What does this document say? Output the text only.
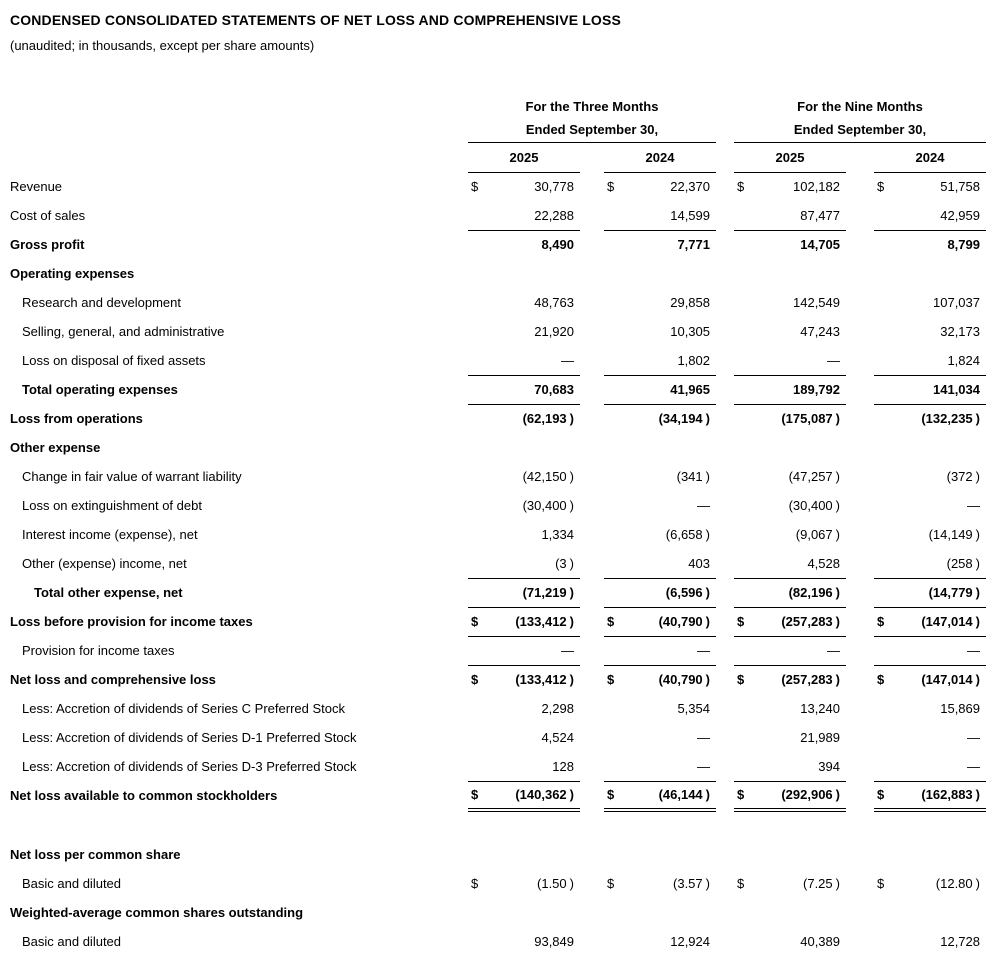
CONDENSED CONSOLIDATED STATEMENTS OF NET LOSS AND COMPREHENSIVE LOSS
(unaudited; in thousands, except per share amounts)
	For the Three Months				For the Nine Months		
	Ended September 30,				Ended September 30,		
	2025		2024		2025		2024
Revenue	$ 30,778		$ 22,370		$ 102,182		$ 51,758

Cost of sales	22,288		14,599		87,477		42,959

Gross profit	8,490		7,771		14,705		8,799

Operating expenses	

Research and development	48,763		29,858		142,549		107,037

Selling, general, and administrative	21,920		10,305		47,243		32,173

Loss on disposal of fixed assets	—		1,802		—		1,824

Total operating expenses	70,683		41,965		189,792		141,034

Loss from operations	(62,193 )		(34,194 )		(175,087 )		(132,235 )

Other expense	

Change in fair value of warrant liability	(42,150 )		(341 )		(47,257 )		(372 )

Loss on extinguishment of debt	(30,400 )		—		(30,400 )		—

Interest income (expense), net	1,334		(6,658 )		(9,067 )		(14,149 )

Other (expense) income, net	(3 )		403		4,528		(258 )

Total other expense, net	(71,219 )		(6,596 )		(82,196 )		(14,779 )

Loss before provision for income taxes	$ (133,412 )		$ (40,790 )		$ (257,283 )		$ (147,014 )

Provision for income taxes	—		—		—		—

Net loss and comprehensive loss	$ (133,412 )		$ (40,790 )		$ (257,283 )		$ (147,014 )

Less: Accretion of dividends of Series C Preferred Stock	2,298		5,354		13,240		15,869

Less: Accretion of dividends of Series D-1 Preferred Stock	4,524		—		21,989		—

Less: Accretion of dividends of Series D-3 Preferred Stock	128		—		394		—

Net loss available to common stockholders	$ (140,362 )		$ (46,144 )		$ (292,906 )		$ (162,883 )

Net loss per common share	

Basic and diluted	$ (1.50 )		$ (3.57 )		$ (7.25 )		$ (12.80 )

Weighted-average common shares outstanding	

Basic and diluted	93,849		12,924		40,389		12,728
